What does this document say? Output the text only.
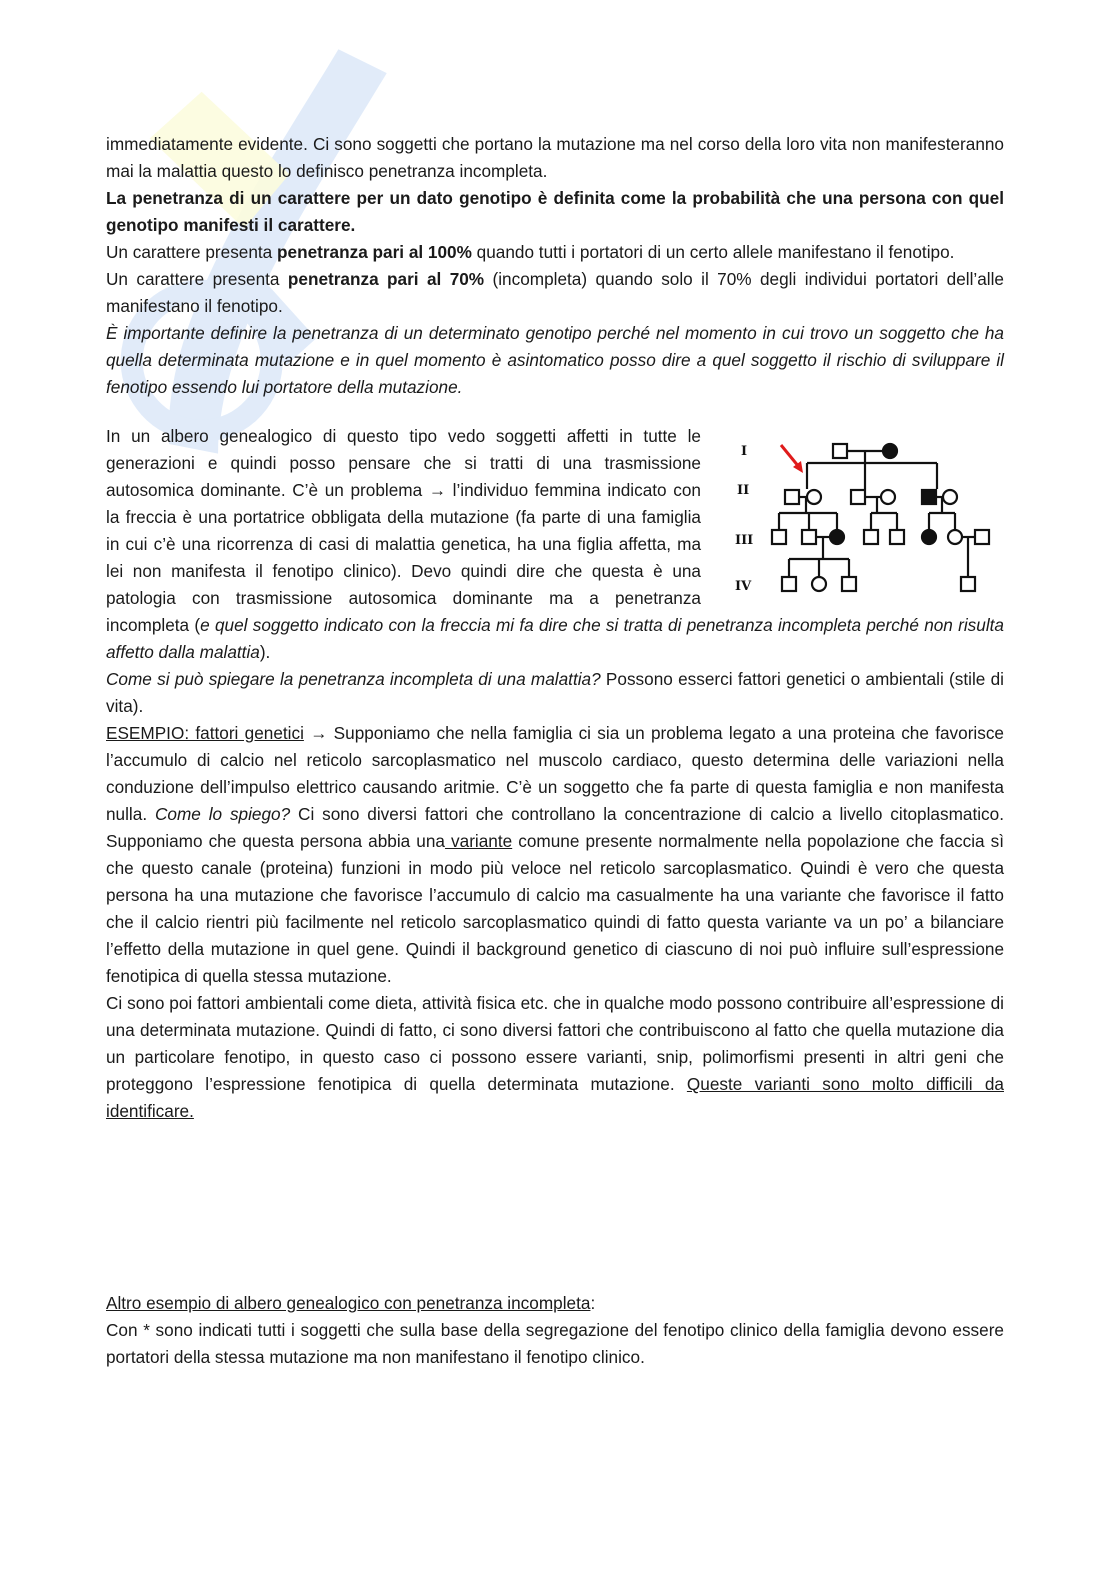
immediatamente evidente. Ci sono soggetti che portano la mutazione ma nel corso della loro vita non manifesteranno mai la malattia questo lo definisco penetranza incompleta.

La penetranza di un carattere per un dato genotipo è definita come la probabilità che una persona con quel genotipo manifesti il carattere.

Un carattere presenta penetranza pari al 100% quando tutti i portatori di un certo allele manifestano il fenotipo.

Un carattere presenta penetranza pari al 70% (incompleta) quando solo il 70% degli individui portatori dell’alle manifestano il fenotipo.

È importante definire la penetranza di un determinato genotipo perché nel momento in cui trovo un soggetto che ha quella determinata mutazione e in quel momento è asintomatico posso dire a quel soggetto il rischio di sviluppare il fenotipo essendo lui portatore della mutazione.

I
II
III
IV

In un albero genealogico di questo tipo vedo soggetti affetti in tutte le generazioni e quindi posso pensare che si tratti di una trasmissione autosomica dominante. C’è un problema → l’individuo femmina indicato con la freccia è una portatrice obbligata della mutazione (fa parte di una famiglia in cui c’è una ricorrenza di casi di malattia genetica, ha una figlia affetta, ma lei non manifesta il fenotipo clinico). Devo quindi dire che questa è una patologia con trasmissione autosomica dominante ma a penetranza incompleta (e quel soggetto indicato con la freccia mi fa dire che si tratta di penetranza incompleta perché non risulta affetto dalla malattia).

Come si può spiegare la penetranza incompleta di una malattia? Possono esserci fattori genetici o ambientali (stile di vita).

ESEMPIO: fattori genetici → Supponiamo che nella famiglia ci sia un problema legato a una proteina che favorisce l’accumulo di calcio nel reticolo sarcoplasmatico nel muscolo cardiaco, questo determina delle variazioni nella conduzione dell’impulso elettrico causando aritmie. C’è un soggetto che fa parte di questa famiglia e non manifesta nulla. Come lo spiego? Ci sono diversi fattori che controllano la concentrazione di calcio a livello citoplasmatico. Supponiamo che questa persona abbia una variante comune presente normalmente nella popolazione che faccia sì che questo canale (proteina) funzioni in modo più veloce nel reticolo sarcoplasmatico. Quindi è vero che questa persona ha una mutazione che favorisce l’accumulo di calcio ma casualmente ha una variante che favorisce il fatto che il calcio rientri più facilmente nel reticolo sarcoplasmatico quindi di fatto questa variante va un po’ a bilanciare l’effetto della mutazione in quel gene. Quindi il background genetico di ciascuno di noi può influire sull’espressione fenotipica di quella stessa mutazione.

Ci sono poi fattori ambientali come dieta, attività fisica etc. che in qualche modo possono contribuire all’espressione di una determinata mutazione. Quindi di fatto, ci sono diversi fattori che contribuiscono al fatto che quella mutazione dia un particolare fenotipo, in questo caso ci possono essere varianti, snip, polimorfismi presenti in altri geni che proteggono l’espressione fenotipica di quella determinata mutazione. Queste varianti sono molto difficili da identificare.

Altro esempio di albero genealogico con penetranza incompleta:

Con * sono indicati tutti i soggetti che sulla base della segregazione del fenotipo clinico della famiglia devono essere portatori della stessa mutazione ma non manifestano il fenotipo clinico.
